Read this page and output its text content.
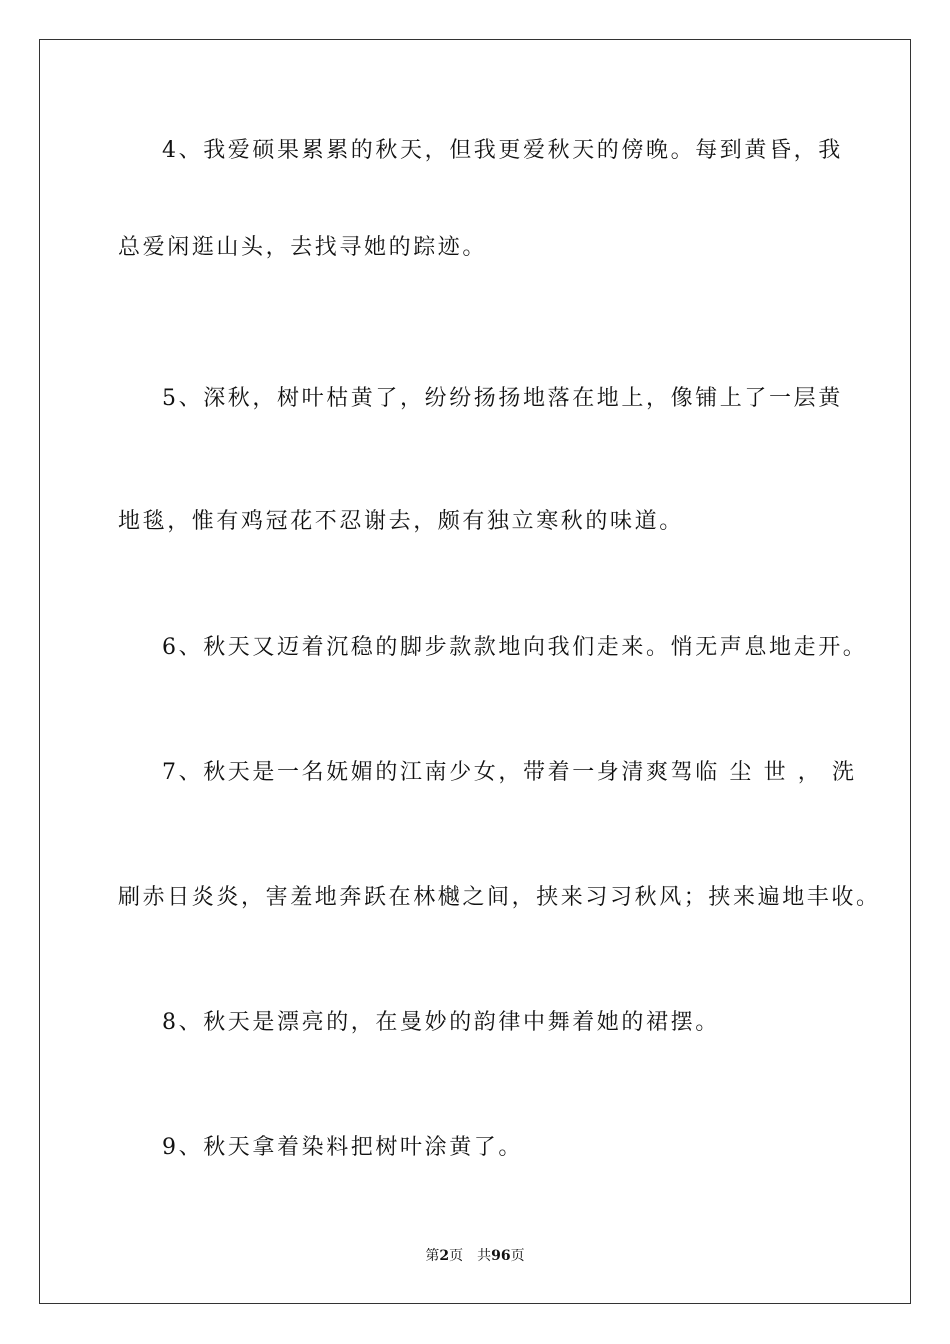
4、我爱硕果累累的秋天，但我更爱秋天的傍晚。每到黄昏，我
总爱闲逛山头，去找寻她的踪迹。
5、深秋，树叶枯黄了，纷纷扬扬地落在地上，像铺上了一层黄
地毯，惟有鸡冠花不忍谢去，颇有独立寒秋的味道。
6、秋天又迈着沉稳的脚步款款地向我们走来。悄无声息地走开。
7、秋天是一名妩媚的江南少女，带着一身清爽驾临 尘 世 ， 洗
刷赤日炎炎，害羞地奔跃在林樾之间，挟来习习秋风；挟来遍地丰收。
8、秋天是漂亮的，在曼妙的韵律中舞着她的裙摆。
9、秋天拿着染料把树叶涂黄了。
第2页 共96页
